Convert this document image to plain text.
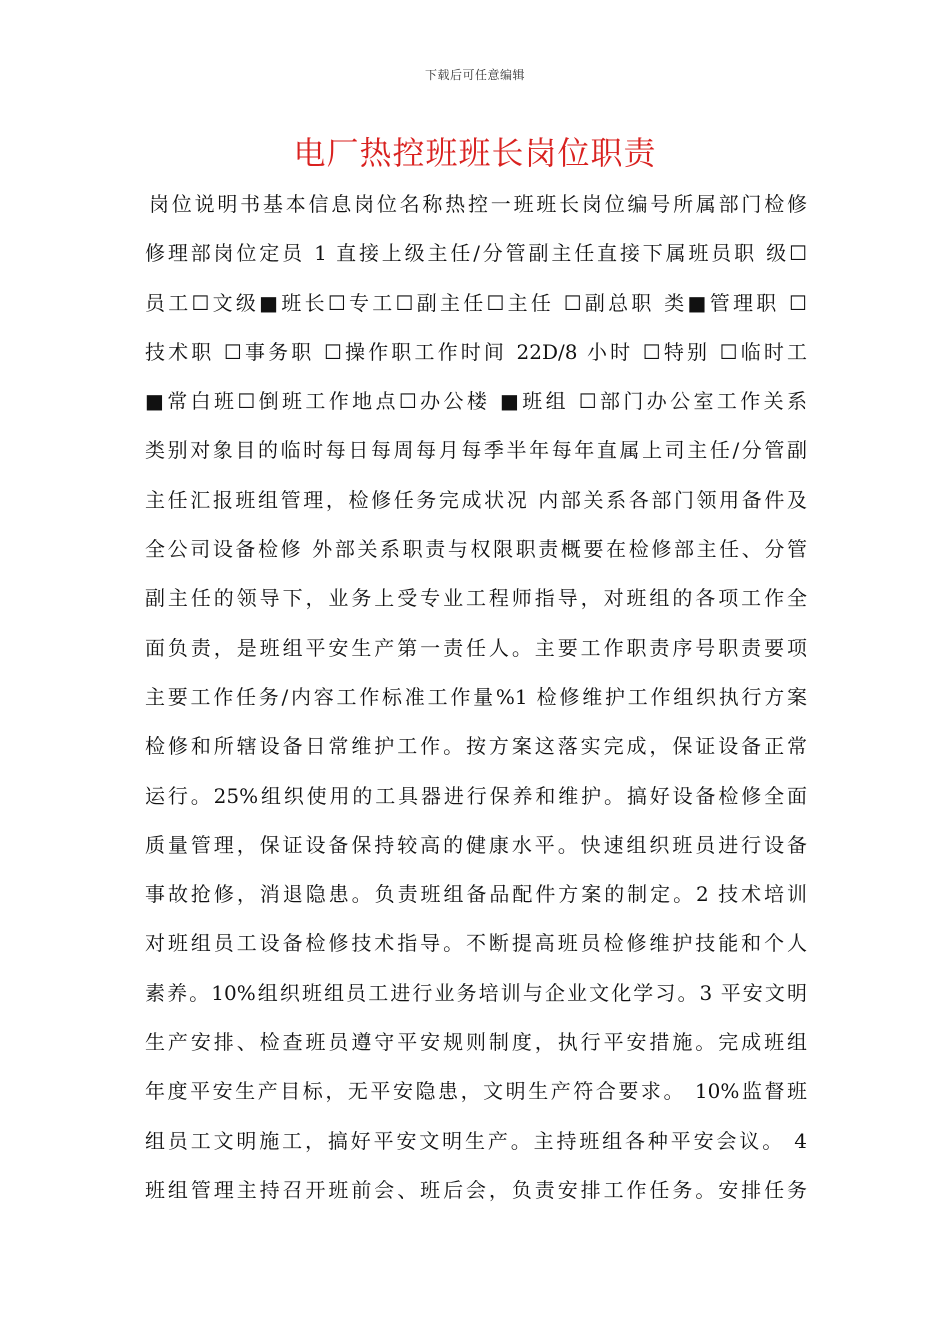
下载后可任意编辑
电厂热控班班长岗位职责
岗位说明书基本信息岗位名称热控一班班长岗位编号所属部门检修
修理部岗位定员 1 直接上级主任/分管副主任直接下属班员职 级☐
员工☐文级■班长☐专工☐副主任☐主任 ☐副总职 类■管理职 ☐
技术职 ☐事务职 ☐操作职工作时间 22D/8 小时 ☐特别 ☐临时工
■常白班☐倒班工作地点☐办公楼 ■班组 ☐部门办公室工作关系
类别对象目的临时每日每周每月每季半年每年直属上司主任/分管副
主任汇报班组管理，检修任务完成状况 内部关系各部门领用备件及
全公司设备检修 外部关系职责与权限职责概要在检修部主任、分管
副主任的领导下，业务上受专业工程师指导，对班组的各项工作全
面负责，是班组平安生产第一责任人。主要工作职责序号职责要项
主要工作任务/内容工作标准工作量%1 检修维护工作组织执行方案
检修和所辖设备日常维护工作。按方案这落实完成，保证设备正常
运行。25%组织使用的工具器进行保养和维护。搞好设备检修全面
质量管理，保证设备保持较高的健康水平。快速组织班员进行设备
事故抢修，消退隐患。负责班组备品配件方案的制定。2 技术培训
对班组员工设备检修技术指导。不断提高班员检修维护技能和个人
素养。10%组织班组员工进行业务培训与企业文化学习。3 平安文明
生产安排、检查班员遵守平安规则制度，执行平安措施。完成班组
年度平安生产目标，无平安隐患，文明生产符合要求。 10%监督班
组员工文明施工，搞好平安文明生产。主持班组各种平安会议。 4
班组管理主持召开班前会、班后会，负责安排工作任务。安排任务
